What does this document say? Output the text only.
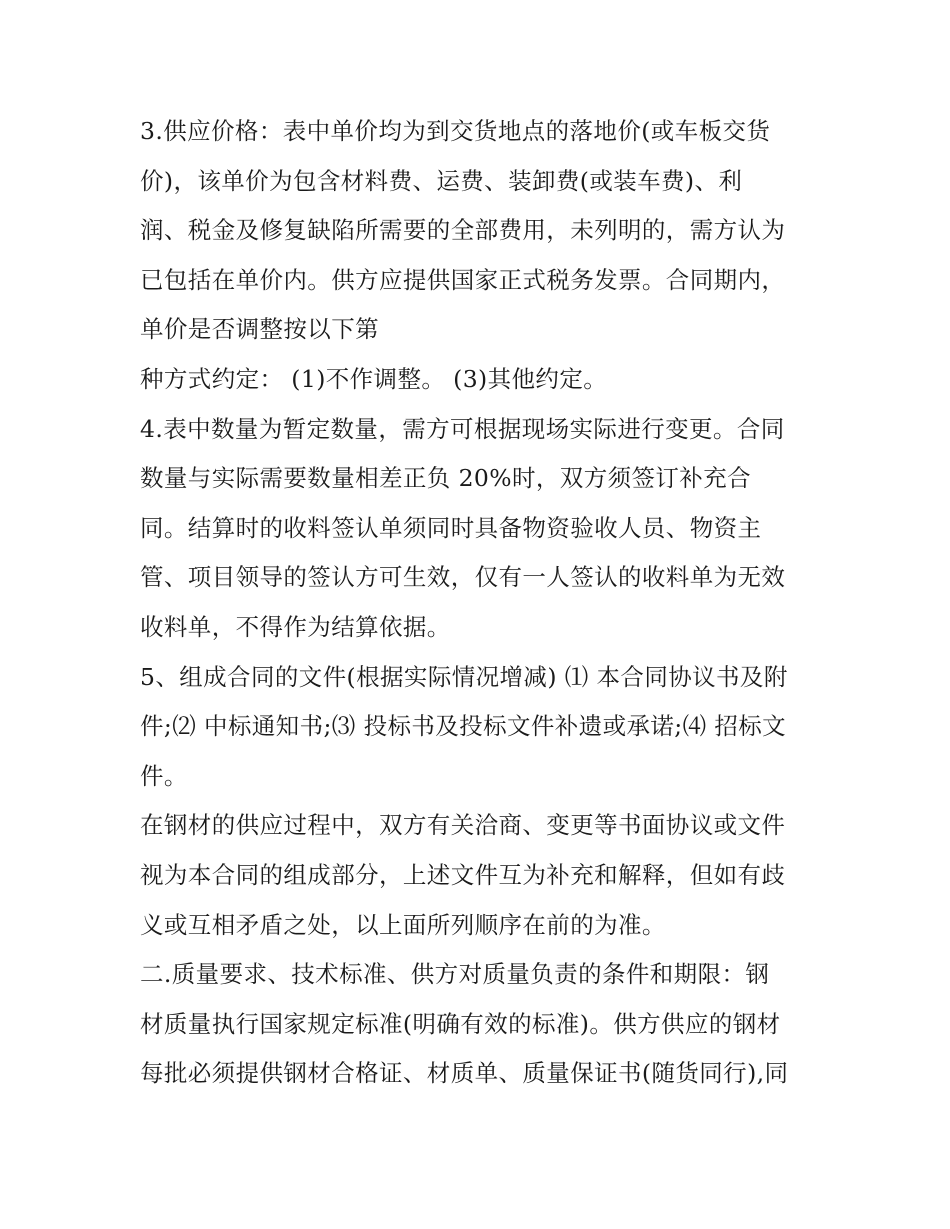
3.供应价格：表中单价均为到交货地点的落地价(或车板交货
价)，该单价为包含材料费、运费、装卸费(或装车费)、利
润、税金及修复缺陷所需要的全部费用，未列明的，需方认为
已包括在单价内。供方应提供国家正式税务发票。合同期内，
单价是否调整按以下第
种方式约定： (1)不作调整。 (3)其他约定。
4.表中数量为暂定数量，需方可根据现场实际进行变更。合同
数量与实际需要数量相差正负 20%时，双方须签订补充合
同。结算时的收料签认单须同时具备物资验收人员、物资主
管、项目领导的签认方可生效，仅有一人签认的收料单为无效
收料单，不得作为结算依据。
5、组成合同的文件(根据实际情况增减) ⑴ 本合同协议书及附
件;⑵ 中标通知书;⑶ 投标书及投标文件补遗或承诺;⑷ 招标文
件。
在钢材的供应过程中，双方有关洽商、变更等书面协议或文件
视为本合同的组成部分，上述文件互为补充和解释，但如有歧
义或互相矛盾之处，以上面所列顺序在前的为准。
二.质量要求、技术标准、供方对质量负责的条件和期限：钢
材质量执行国家规定标准(明确有效的标准)。供方供应的钢材
每批必须提供钢材合格证、材质单、质量保证书(随货同行),同
